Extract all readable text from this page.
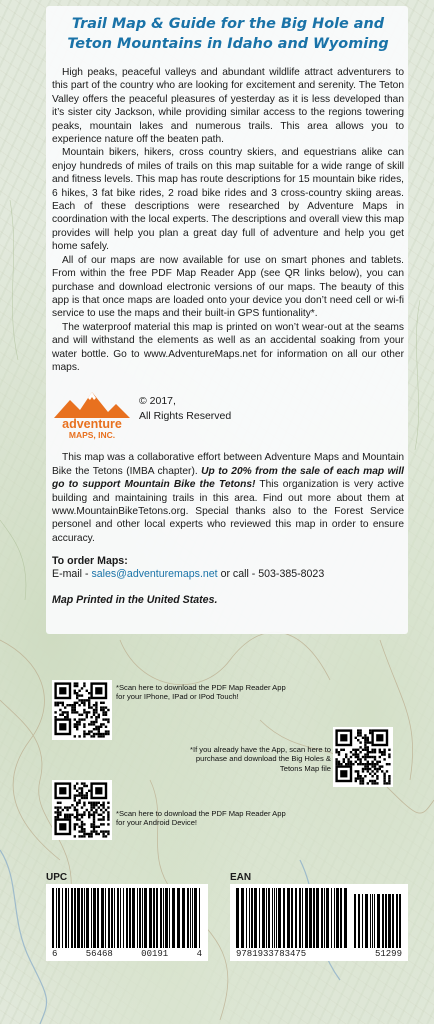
Trail Map & Guide for the Big Hole and Teton Mountains in Idaho and Wyoming

High peaks, peaceful valleys and abundant wildlife attract adventurers to this part of the country who are looking for excitement and serenity. The Teton Valley offers the peaceful pleasures of yesterday as it is less developed than it’s sister city Jackson, while providing similar access to the regions towering peaks, mountain lakes and numerous trails. This area allows you to experience nature off the beaten path.

Mountain bikers, hikers, cross country skiers, and equestrians alike can enjoy hundreds of miles of trails on this map suitable for a wide range of skill and fitness levels. This map has route descriptions for 15 mountain bike rides, 6 hikes, 3 fat bike rides, 2 road bike rides and 3 cross-country skiing areas. Each of these descriptions were researched by Adventure Maps in coordination with the local experts. The descriptions and overall view this map provides will help you plan a great day full of adventure and help you get home safely.

All of our maps are now available for use on smart phones and tablets. From within the free PDF Map Reader App (see QR links below), you can purchase and download electronic versions of our maps. The beauty of this app is that once maps are loaded onto your device you don’t need cell or wi-fi service to use the maps and their built-in GPS funtionality*.

The waterproof material this map is printed on won’t wear-out at the seams and will withstand the elements as well as an accidental soaking from your water bottle. Go to www.AdventureMaps.net for information on all our other maps.

adventure
MAPS, INC.
© 2017,
All Rights Reserved

This map was a collaborative effort between Adventure Maps and Mountain Bike the Tetons (IMBA chapter). Up to 20% from the sale of each map will go to support Mountain Bike the Tetons! This organization is very active building and maintaining trails in this area. Find out more about them at www.MountainBikeTetons.org. Special thanks also to the Forest Service personel and other local experts who reviewed this map in order to ensure accuracy.

To order Maps:
E-mail - sales@adventuremaps.net or call - 503-385-8023
Map Printed in the United States.
*Scan here to download the PDF Map Reader App for your IPhone, IPad or IPod Touch!
*If you already have the App, scan here to purchase and download the Big Holes & Tetons Map file
*Scan here to download the PDF Map Reader App for your Android Device!
UPC
6	56468	00191	4
EAN
9781933783475	51299
